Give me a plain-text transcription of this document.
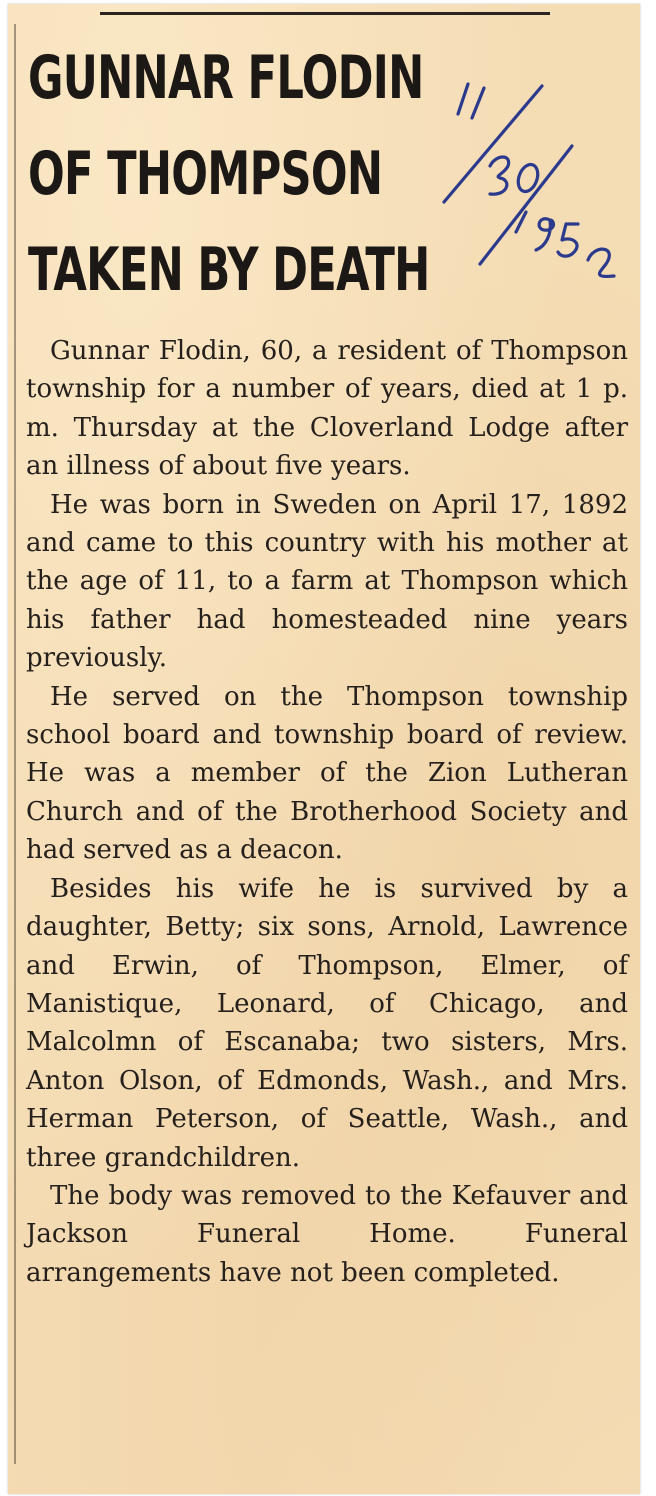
GUNNAR FLODIN
OF THOMPSON
TAKEN BY DEATH

Gunnar Flodin, 60, a resident of Thompson township for a number of years, died at 1 p. m. Thursday at the Cloverland Lodge after an illness of about five years.

He was born in Sweden on April 17, 1892 and came to this country with his mother at the age of 11, to a farm at Thompson which his father had homesteaded nine years previously.

He served on the Thompson township school board and township board of review. He was a member of the Zion Lutheran Church and of the Brotherhood Society and had served as a deacon.

Besides his wife he is survived by a daughter, Betty; six sons, Arnold, Lawrence and Erwin, of Thompson, Elmer, of Manistique, Leonard, of Chicago, and Malcolmn of Escanaba; two sisters, Mrs. Anton Olson, of Edmonds, Wash., and Mrs. Herman Peterson, of Seattle, Wash., and three grandchildren.

The body was removed to the Kefauver and Jackson Funeral Home. Funeral arrangements have not been completed.
